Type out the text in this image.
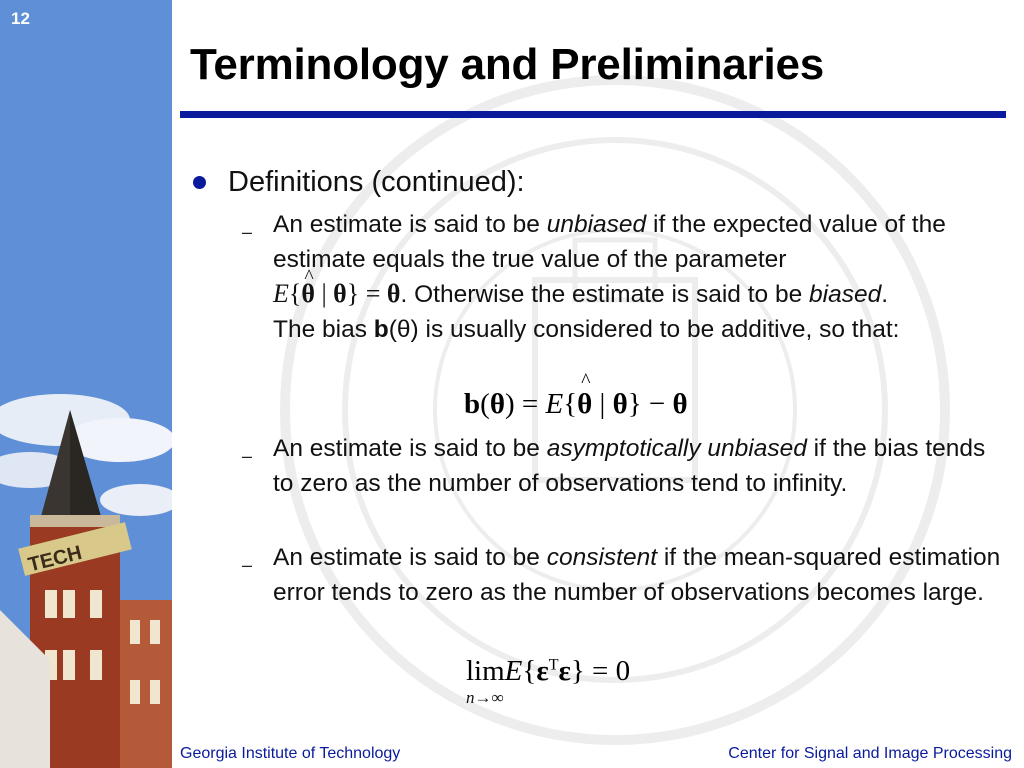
TECH
12
Terminology and Preliminaries
Definitions (continued):
– An estimate is said to be unbiased if the expected value of the estimate equals the true value of the parameter
E{^ θ | θ} = θ. Otherwise the estimate is said to be biased.
The bias b(θ) is usually considered to be additive, so that:
b(θ) = E{θ
^
| θ} − θ
– An estimate is said to be asymptotically unbiased if the bias tends to zero as the number of observations tend to infinity.
– An estimate is said to be consistent if the mean-squared estimation error tends to zero as the number of observations becomes large.
$\lim E\{\varepsilon^T\varepsilon\} = 0$
n→∞
Georgia Institute of Technology	Center for Signal and Image Processing
